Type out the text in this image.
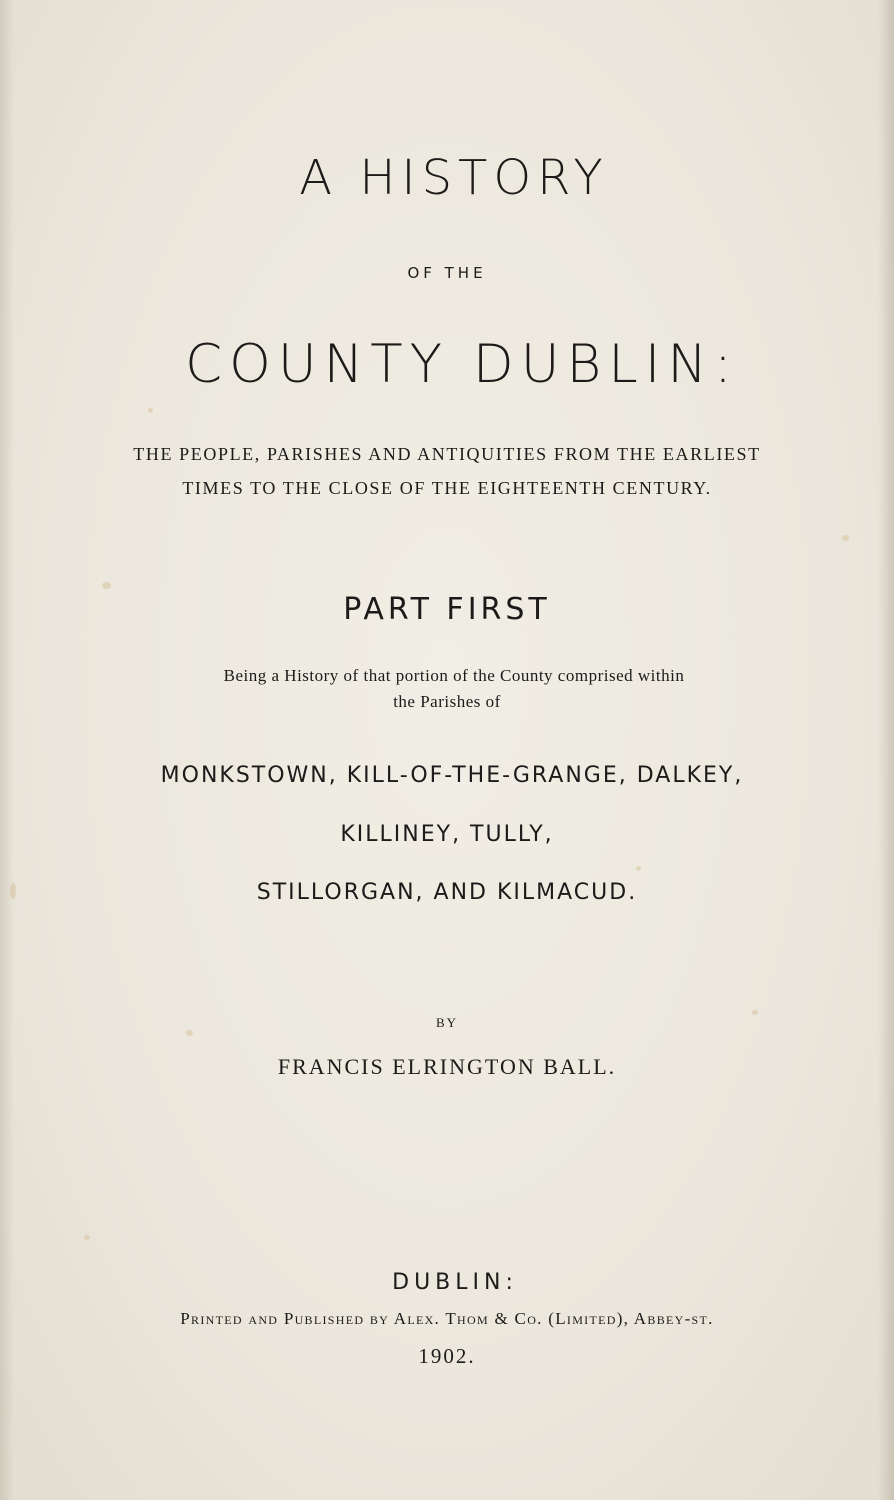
A HISTORY
OF THE
COUNTY DUBLIN:
THE PEOPLE, PARISHES AND ANTIQUITIES FROM THE EARLIEST
TIMES TO THE CLOSE OF THE EIGHTEENTH CENTURY.
PART FIRST
Being a History of that portion of the County comprised within
the Parishes of
MONKSTOWN, KILL-OF-THE-GRANGE, DALKEY,
KILLINEY, TULLY,
STILLORGAN, AND KILMACUD.
BY
FRANCIS ELRINGTON BALL.
DUBLIN:
Printed and Published by Alex. Thom & Co. (Limited), Abbey-st.
1902.
